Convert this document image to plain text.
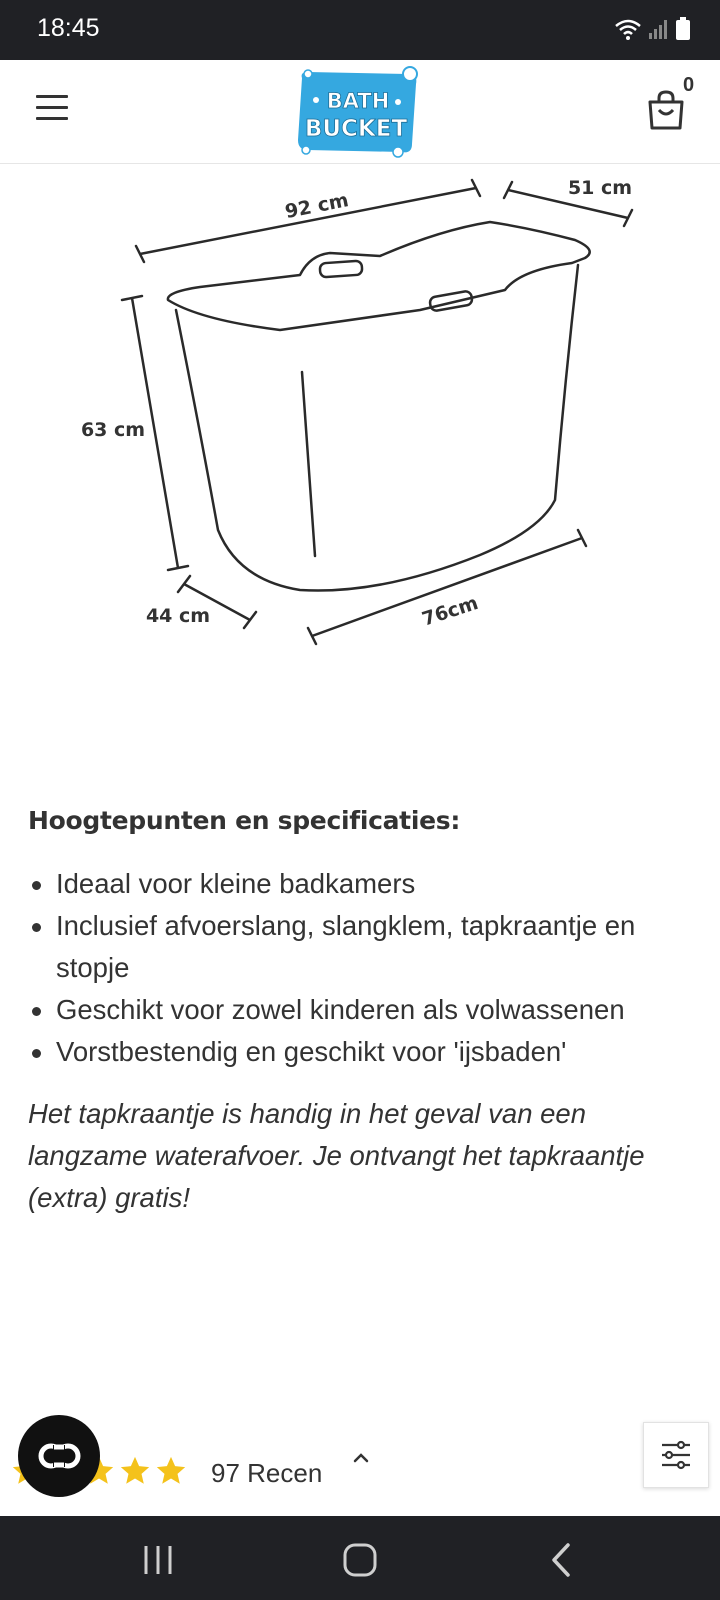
18:45
BATH
BUCKET
0
92 cm
51 cm
63 cm
44 cm	76cm
Hoogtepunten en specificaties:
Ideaal voor kleine badkamers
Inclusief afvoerslang, slangklem, tapkraantje en stopje
Geschikt voor zowel kinderen als volwassenen
Vorstbestendig en geschikt voor 'ijsbaden'

Het tapkraantje is handig in het geval van een langzame waterafvoer. Je ontvangt het tapkraantje (extra) gratis!

97 Recen
